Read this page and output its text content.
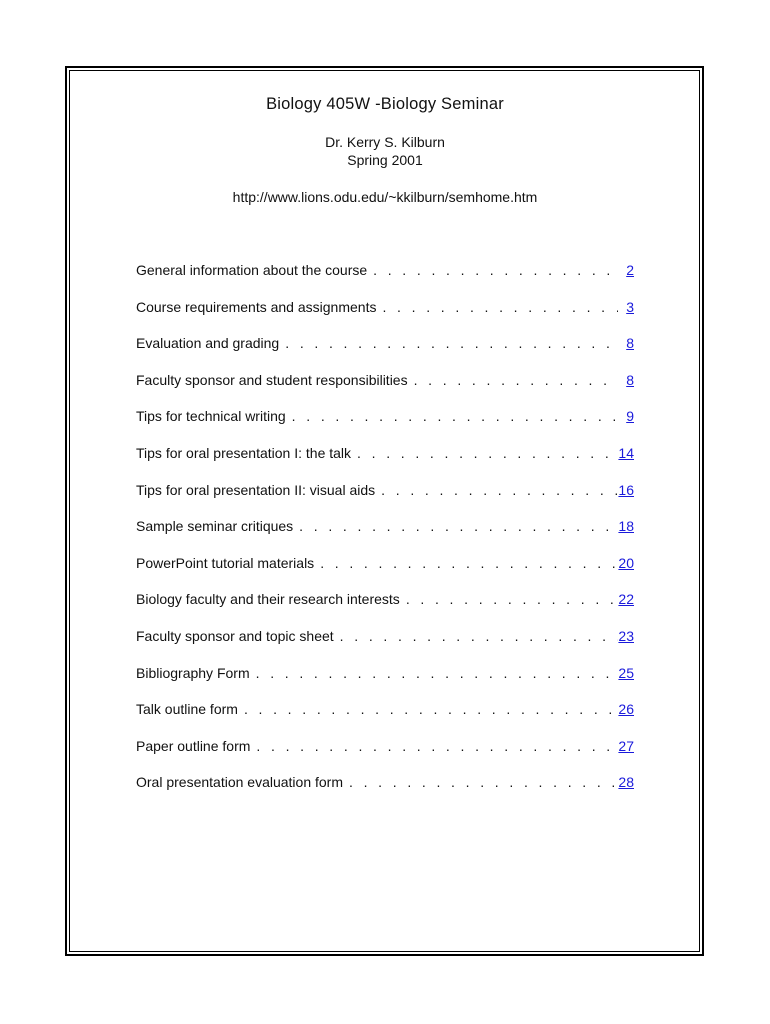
Biology 405W -Biology Seminar
Dr. Kerry S. Kilburn
Spring 2001
http://www.lions.odu.edu/~kkilburn/semhome.htm
General information about the course . . .	2
Course requirements and assignments . . .	3
Evaluation and grading . . .	8
Faculty sponsor and student responsibilities . . .	8
Tips for technical writing . . .	9
Tips for oral presentation I: the talk . . .	14
Tips for oral presentation II: visual aids . . .	16
Sample seminar critiques . . .	18
PowerPoint tutorial materials . . .	20
Biology faculty and their research interests . . .	22
Faculty sponsor and topic sheet . . .	23
Bibliography Form . . .	25
Talk outline form . . .	26
Paper outline form . . .	27
Oral presentation evaluation form . . .	28
